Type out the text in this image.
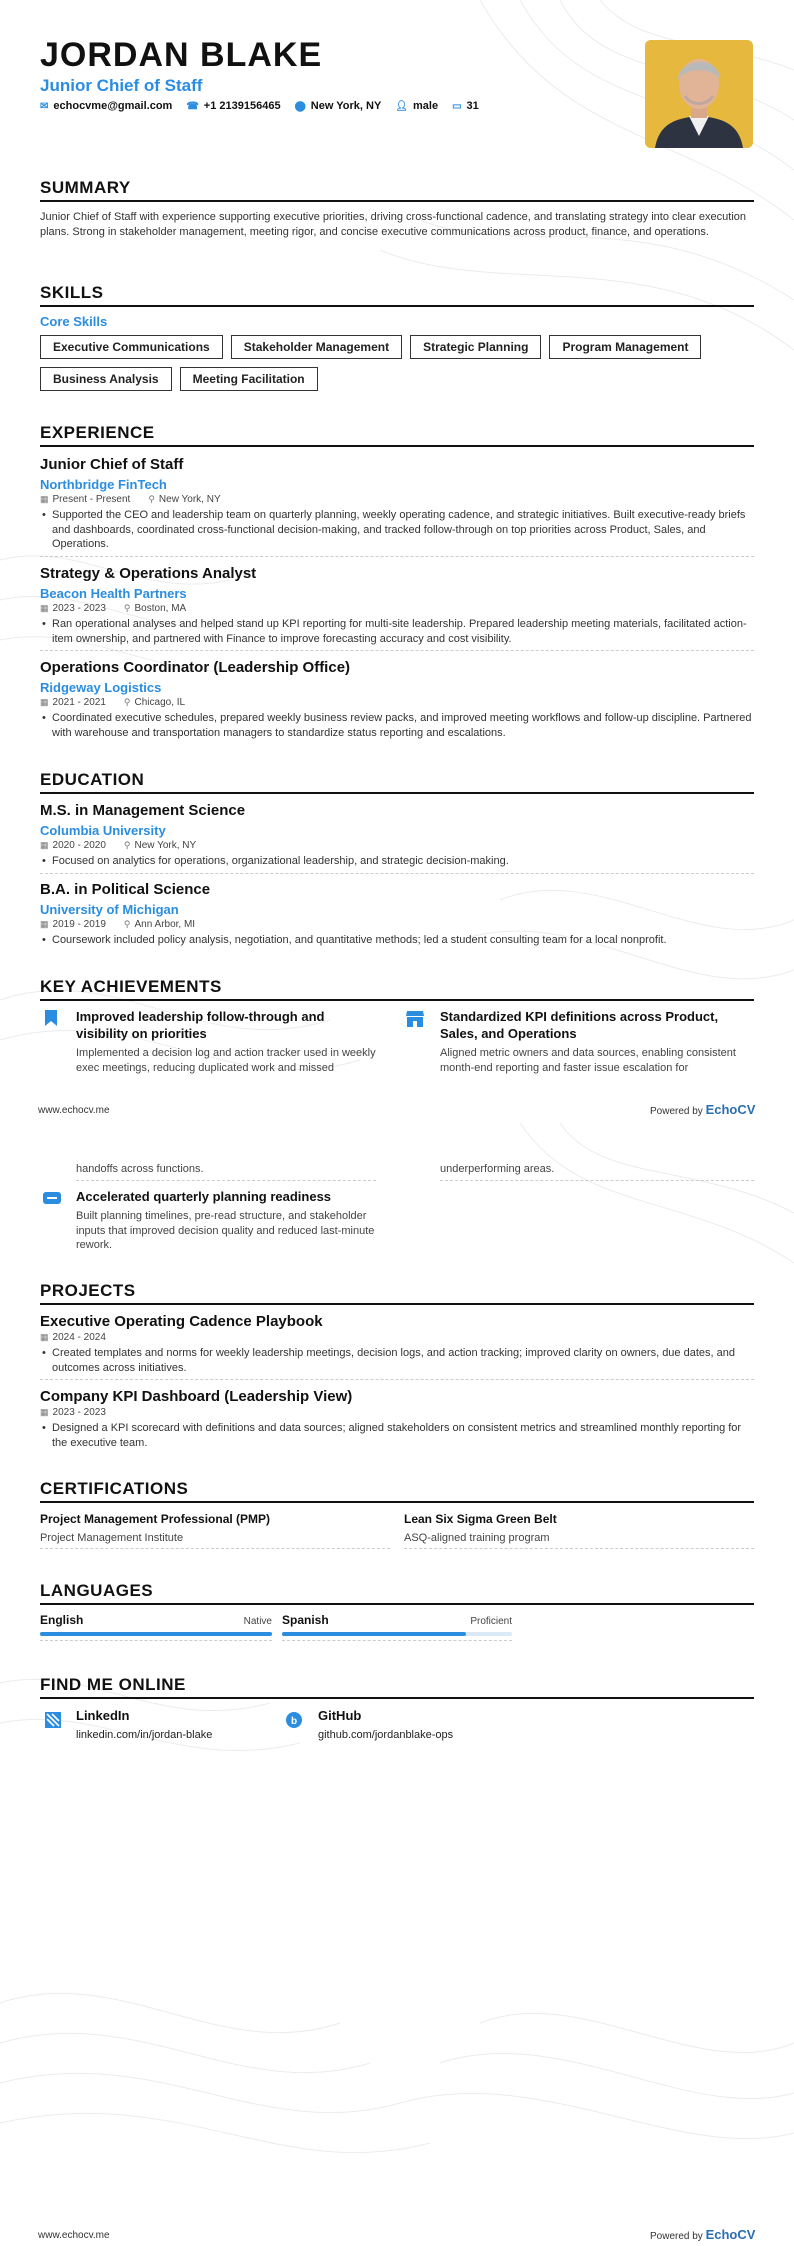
JORDAN BLAKE
Junior Chief of Staff
✉ echocvme@gmail.com ☎ +1 2139156465 ⬤ New York, NY 👤︎ male ▭ 31
SUMMARY
Junior Chief of Staff with experience supporting executive priorities, driving cross-functional cadence, and translating strategy into clear execution plans. Strong in stakeholder management, meeting rigor, and concise executive communications across product, finance, and operations.
SKILLS
Core Skills
Executive Communications	Stakeholder Management	Strategic Planning	Program Management
Business Analysis	Meeting Facilitation
EXPERIENCE
Junior Chief of Staff
Northbridge FinTech
▦ Present - Present ⚲ New York, NY
• Supported the CEO and leadership team on quarterly planning, weekly operating cadence, and strategic initiatives. Built executive-ready briefs and dashboards, coordinated cross-functional decision-making, and tracked follow-through on top priorities across Product, Sales, and Operations.
Strategy & Operations Analyst
Beacon Health Partners
▦ 2023 - 2023 ⚲ Boston, MA
• Ran operational analyses and helped stand up KPI reporting for multi-site leadership. Prepared leadership meeting materials, facilitated action-item ownership, and partnered with Finance to improve forecasting accuracy and cost visibility.
Operations Coordinator (Leadership Office)
Ridgeway Logistics
▦ 2021 - 2021 ⚲ Chicago, IL
• Coordinated executive schedules, prepared weekly business review packs, and improved meeting workflows and follow-up discipline. Partnered with warehouse and transportation managers to standardize status reporting and escalations.
EDUCATION
M.S. in Management Science
Columbia University
▦ 2020 - 2020 ⚲ New York, NY
• Focused on analytics for operations, organizational leadership, and strategic decision-making.
B.A. in Political Science
University of Michigan
▦ 2019 - 2019 ⚲ Ann Arbor, MI
• Coursework included policy analysis, negotiation, and quantitative methods; led a student consulting team for a local nonprofit.
KEY ACHIEVEMENTS
Improved leadership follow-through and visibility on priorities
Implemented a decision log and action tracker used in weekly exec meetings, reducing duplicated work and missed
Standardized KPI definitions across Product, Sales, and Operations
Aligned metric owners and data sources, enabling consistent month-end reporting and faster issue escalation for
www.echocv.me	Powered by EchoCV
handoffs across functions.	underperforming areas.
Accelerated quarterly planning readiness
Built planning timelines, pre-read structure, and stakeholder inputs that improved decision quality and reduced last-minute rework.
PROJECTS
Executive Operating Cadence Playbook
▦ 2024 - 2024
• Created templates and norms for weekly leadership meetings, decision logs, and action tracking; improved clarity on owners, due dates, and outcomes across initiatives.
Company KPI Dashboard (Leadership View)
▦ 2023 - 2023
• Designed a KPI scorecard with definitions and data sources; aligned stakeholders on consistent metrics and streamlined monthly reporting for the executive team.
CERTIFICATIONS
Project Management Professional (PMP)
Project Management Institute
Lean Six Sigma Green Belt
ASQ-aligned training program
LANGUAGES
English	Native Spanish	Proficient
FIND ME ONLINE
LinkedIn
linkedin.com/in/jordan-blake
b GitHub
github.com/jordanblake-ops
www.echocv.me	Powered by EchoCV
